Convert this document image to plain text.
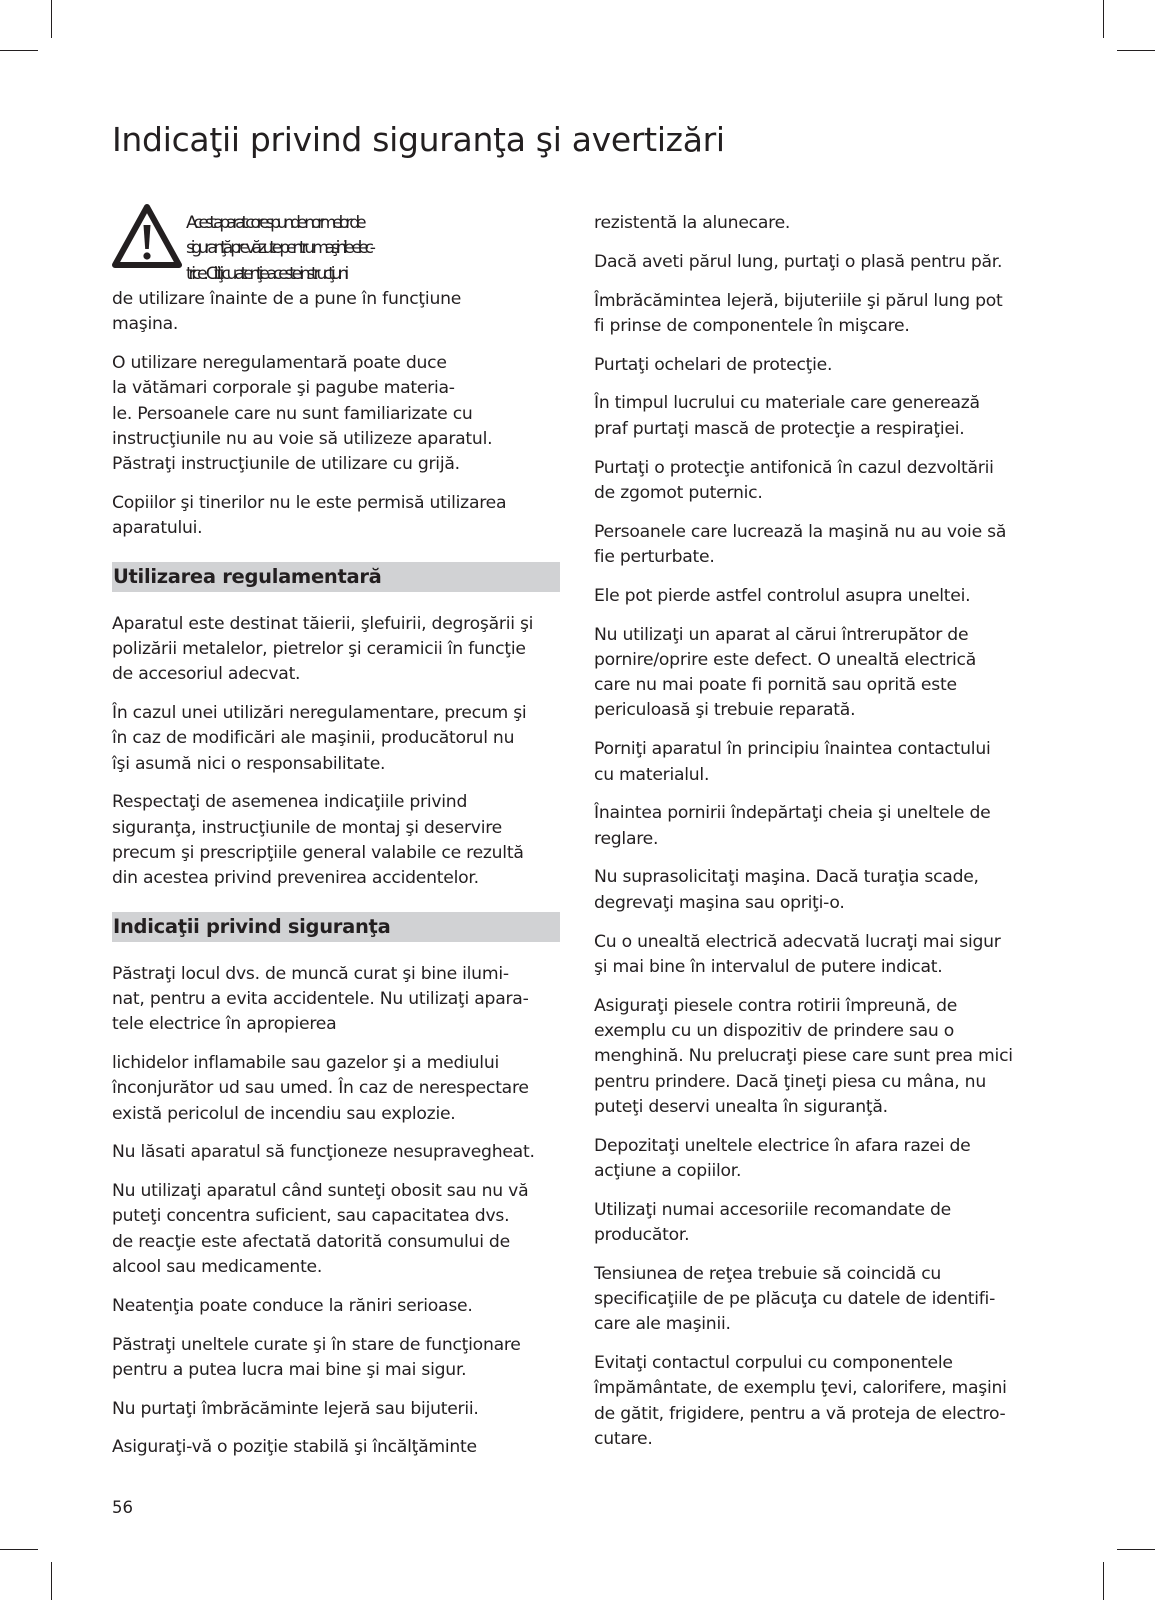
Indicaţii privind siguranţa şi avertizări
Acest aparat corespunde normelor de
siguranţă prevăzute pentru maşinile elec-
trice. Citiţi cu atenţie aceste instrucţiuni
de utilizare înainte de a pune în funcţiune
maşina.

O utilizare neregulamentară poate duce
la vătămari corporale şi pagube materia-
le. Persoanele care nu sunt familiarizate cu
instrucţiunile nu au voie să utilizeze aparatul.
Păstraţi instrucţiunile de utilizare cu grijă.

Copiilor şi tinerilor nu le este permisă utilizarea
aparatului.

Utilizarea regulamentară

Aparatul este destinat tăierii, şlefuirii, degroşării şi
polizării metalelor, pietrelor şi ceramicii în funcţie
de accesoriul adecvat.

În cazul unei utilizări neregulamentare, precum şi
în caz de modificări ale maşinii, producătorul nu
îşi asumă nici o responsabilitate.

Respectaţi de asemenea indicaţiile privind
siguranţa, instrucţiunile de montaj şi deservire
precum şi prescripţiile general valabile ce rezultă
din acestea privind prevenirea accidentelor.

Indicaţii privind siguranţa

Păstraţi locul dvs. de muncă curat şi bine ilumi-
nat, pentru a evita accidentele. Nu utilizaţi apara-
tele electrice în apropierea

lichidelor inflamabile sau gazelor şi a mediului
înconjurător ud sau umed. În caz de nerespectare
există pericolul de incendiu sau explozie.

Nu lăsati aparatul să funcţioneze nesupravegheat.

Nu utilizaţi aparatul când sunteţi obosit sau nu vă
puteţi concentra suficient, sau capacitatea dvs.
de reacţie este afectată datorită consumului de
alcool sau medicamente.

Neatenţia poate conduce la răniri serioase.

Păstraţi uneltele curate şi în stare de funcţionare
pentru a putea lucra mai bine şi mai sigur.

Nu purtaţi îmbrăcăminte lejeră sau bijuterii.

Asiguraţi-vă o poziţie stabilă şi încălţăminte

rezistentă la alunecare.

Dacă aveti părul lung, purtaţi o plasă pentru păr.

Îmbrăcămintea lejeră, bijuteriile şi părul lung pot
fi prinse de componentele în mişcare.

Purtaţi ochelari de protecţie.

În timpul lucrului cu materiale care generează
praf purtaţi mască de protecţie a respiraţiei.

Purtaţi o protecţie antifonică în cazul dezvoltării
de zgomot puternic.

Persoanele care lucrează la maşină nu au voie să
fie perturbate.

Ele pot pierde astfel controlul asupra uneltei.

Nu utilizaţi un aparat al cărui întrerupător de
pornire/oprire este defect. O unealtă electrică
care nu mai poate fi pornită sau oprită este
periculoasă şi trebuie reparată.

Porniţi aparatul în principiu înaintea contactului
cu materialul.

Înaintea pornirii îndepărtaţi cheia şi uneltele de
reglare.

Nu suprasolicitaţi maşina. Dacă turaţia scade,
degrevaţi maşina sau opriţi-o.

Cu o unealtă electrică adecvată lucraţi mai sigur
şi mai bine în intervalul de putere indicat.

Asiguraţi piesele contra rotirii împreună, de
exemplu cu un dispozitiv de prindere sau o
menghină. Nu prelucraţi piese care sunt prea mici
pentru prindere. Dacă ţineţi piesa cu mâna, nu
puteţi deservi unealta în siguranţă.

Depozitaţi uneltele electrice în afara razei de
acţiune a copiilor.

Utilizaţi numai accesoriile recomandate de
producător.

Tensiunea de reţea trebuie să coincidă cu
specificaţiile de pe plăcuţa cu datele de identifi-
care ale maşinii.

Evitaţi contactul corpului cu componentele
împământate, de exemplu ţevi, calorifere, maşini
de gătit, frigidere, pentru a vă proteja de electro-
cutare.

56
